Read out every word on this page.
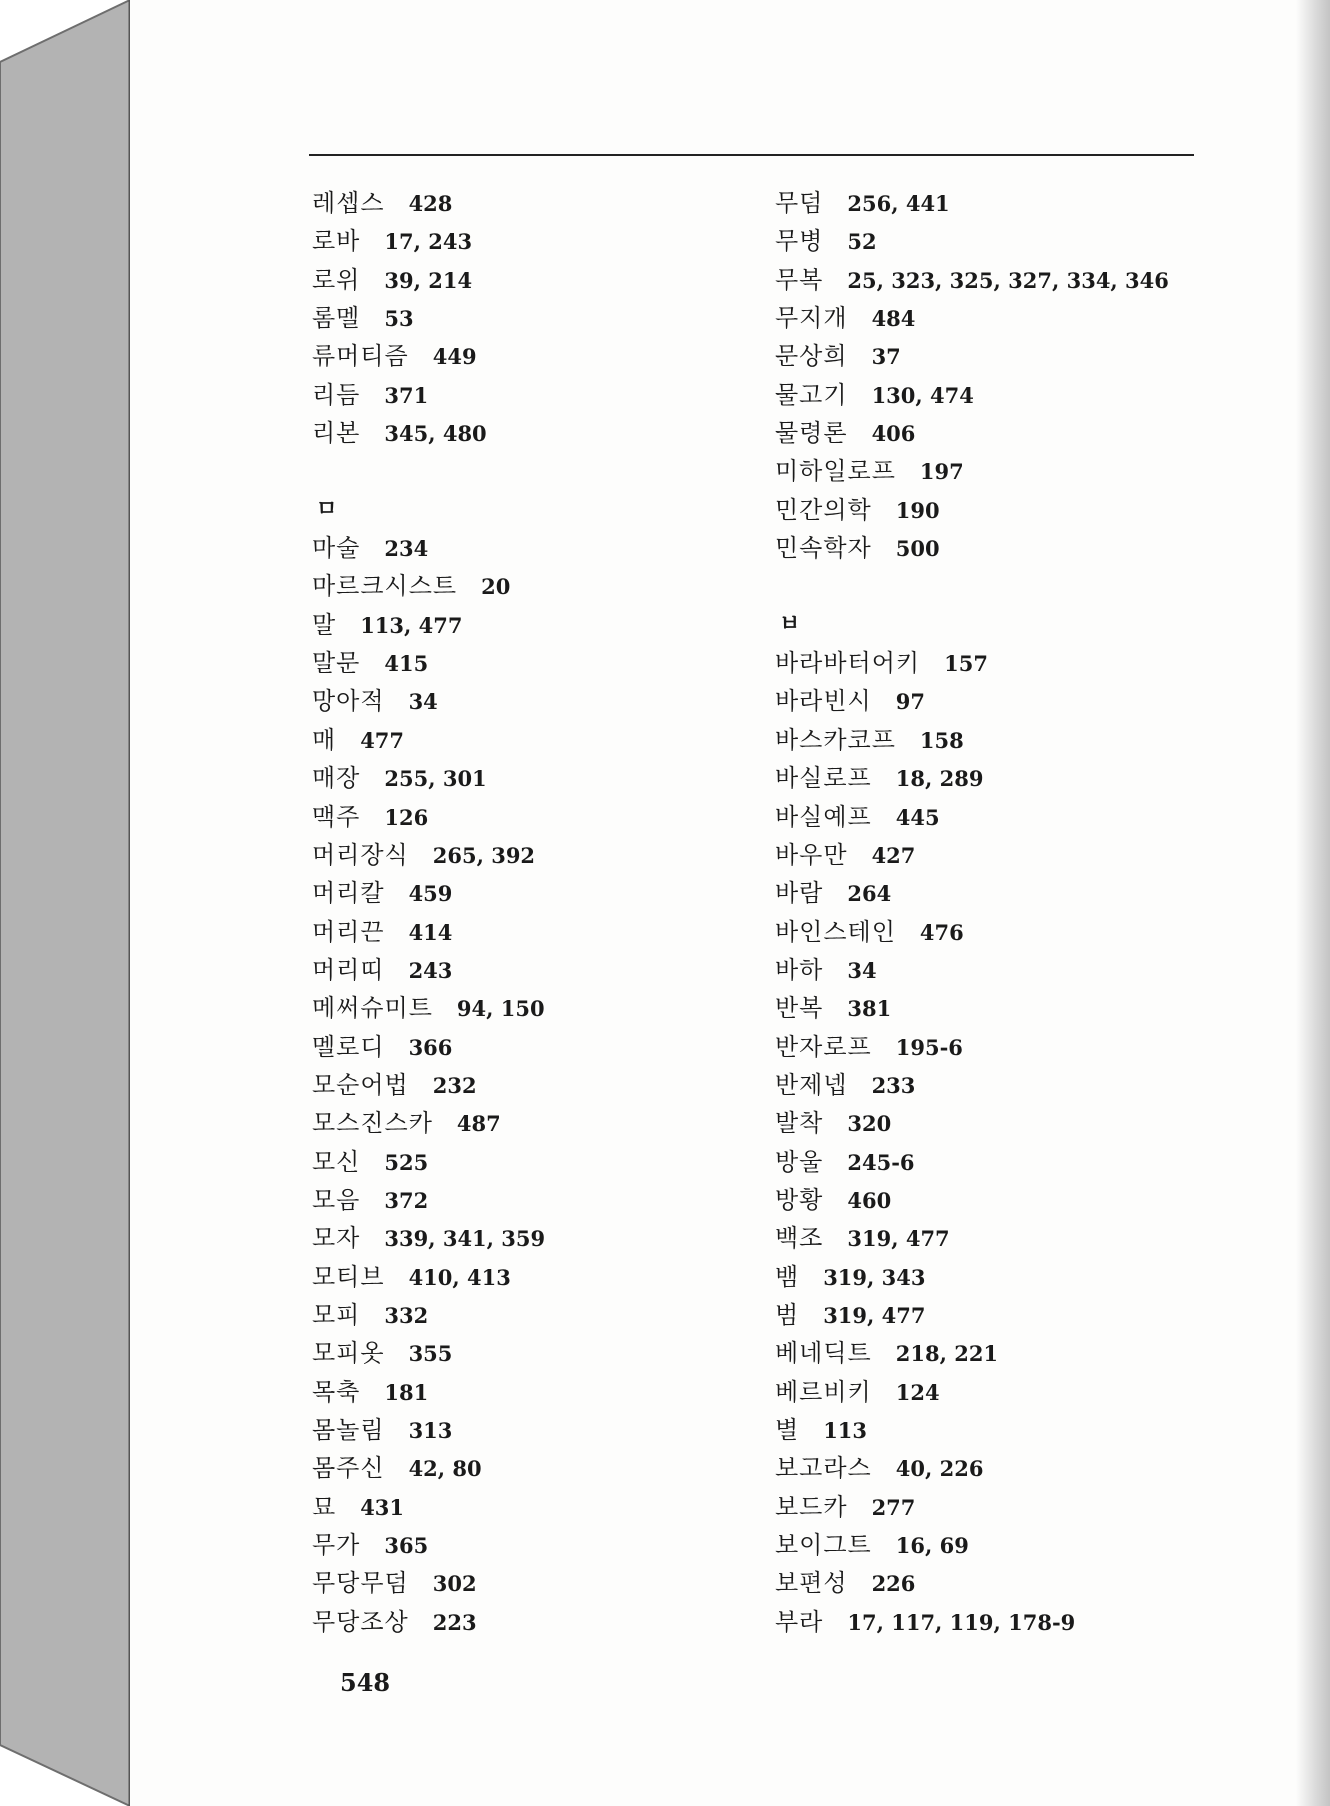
레셉스 428
로바 17, 243
로위 39, 214
롬멜 53
류머티즘 449
리듬 371
리본 345, 480
ㅁ
마술 234
마르크시스트 20
말 113, 477
말문 415
망아적 34
매 477
매장 255, 301
맥주 126
머리장식 265, 392
머리칼 459
머리끈 414
머리띠 243
메써슈미트 94, 150
멜로디 366
모순어법 232
모스진스카 487
모신 525
모음 372
모자 339, 341, 359
모티브 410, 413
모피 332
모피옷 355
목축 181
몸놀림 313
몸주신 42, 80
묘 431
무가 365
무당무덤 302
무당조상 223
무덤 256, 441
무병 52
무복 25, 323, 325, 327, 334, 346
무지개 484
문상희 37
물고기 130, 474
물령론 406
미하일로프 197
민간의학 190
민속학자 500
ㅂ
바라바터어키 157
바라빈시 97
바스카코프 158
바실로프 18, 289
바실예프 445
바우만 427
바람 264
바인스테인 476
바하 34
반복 381
반자로프 195-6
반제넵 233
발착 320
방울 245-6
방황 460
백조 319, 477
뱀 319, 343
범 319, 477
베네딕트 218, 221
베르비키 124
별 113
보고라스 40, 226
보드카 277
보이그트 16, 69
보편성 226
부라 17, 117, 119, 178-9
548
